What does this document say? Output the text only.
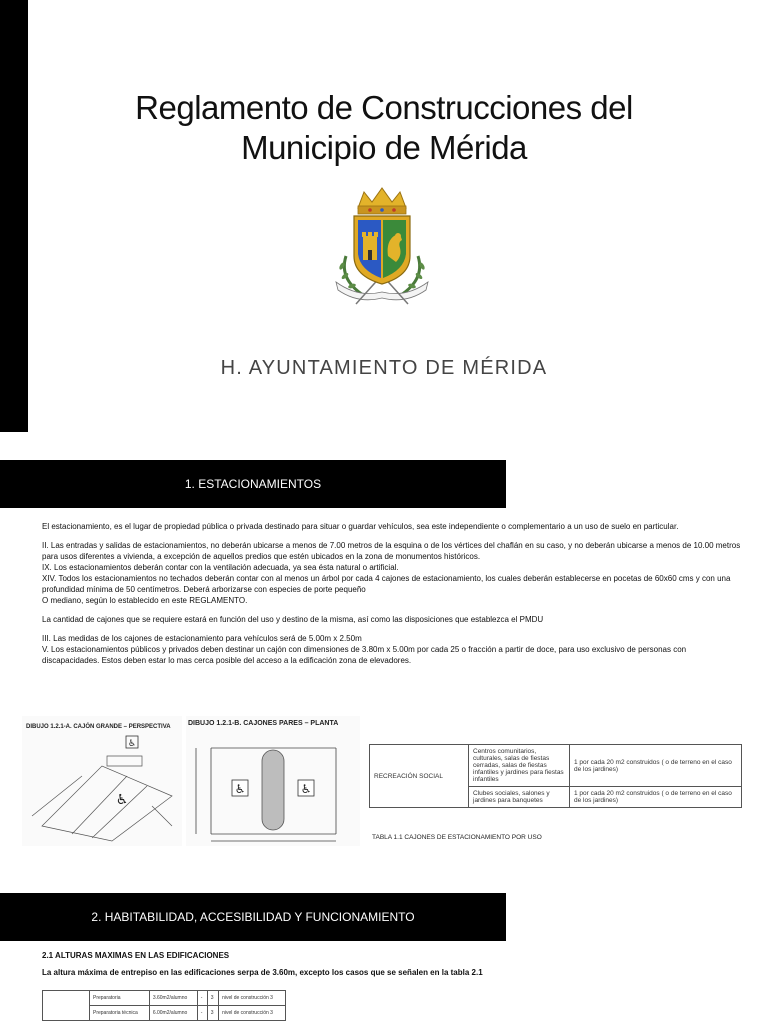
Reglamento de Construcciones del
Municipio de Mérida
H. AYUNTAMIENTO DE MÉRIDA
1. ESTACIONAMIENTOS

El estacionamiento, es el lugar de propiedad pública o privada destinado para situar o guardar vehículos, sea este independiente o complementario a un uso de suelo en particular.

II. Las entradas y salidas de estacionamientos, no deberán ubicarse a menos de 7.00 metros de la esquina o de los vértices del chaflán en su caso, y no deberán ubicarse a menos de 10.00 metros para usos diferentes a vivienda, a excepción de aquellos predios que estén ubicados en la zona de monumentos históricos.

IX. Los estacionamientos deberán contar con la ventilación adecuada, ya sea ésta natural o artificial.

XIV. Todos los estacionamientos no techados deberán contar con al menos un árbol por cada 4 cajones de estacionamiento, los cuales deberán establecerse en pocetas de 60x60 cms y con una profundidad mínima de 50 centímetros. Deberá arborizarse con especies de porte pequeño

O mediano, según lo establecido en este REGLAMENTO.

La cantidad de cajones que se requiere estará en función del uso y destino de la misma, así como las disposiciones que establezca el PMDU

III. Las medidas de los cajones de estacionamiento para vehículos será de 5.00m x 2.50m

V. Los estacionamientos públicos y privados deben destinar un cajón con dimensiones de 3.80m x 5.00m por cada 25 o fracción a partir de doce, para uso exclusivo de personas con discapacidades. Estos deben estar lo mas cerca posible del acceso a la edificación zona de elevadores.

DIBUJO 1.2.1-A. CAJÓN GRANDE – PERSPECTIVA
♿
♿
DIBUJO 1.2.1-B. CAJONES PARES – PLANTA
♿	♿
RECREACIÓN SOCIAL	Centros comunitarios, culturales, salas de fiestas cerradas, salas de fiestas infantiles y jardines para fiestas infantiles	1 por cada 20 m2 construidos ( o de terreno en el caso de los jardines)
	Clubes sociales, salones y jardines para banquetes	1 por cada 20 m2 construidos ( o de terreno en el caso de los jardines)
TABLA 1.1 CAJONES DE ESTACIONAMIENTO POR USO
2. HABITABILIDAD, ACCESIBILIDAD Y FUNCIONAMIENTO
2.1 ALTURAS MAXIMAS EN LAS EDIFICACIONES
La altura máxima de entrepiso en las edificaciones serpa de 3.60m, excepto los casos que se señalen en la tabla 2.1
	Preparatoria	3.60m2/alumno	-	3	nivel de construcción 3
	Preparatoria técnica	6.00m2/alumno	-	3	nivel de construcción 3
